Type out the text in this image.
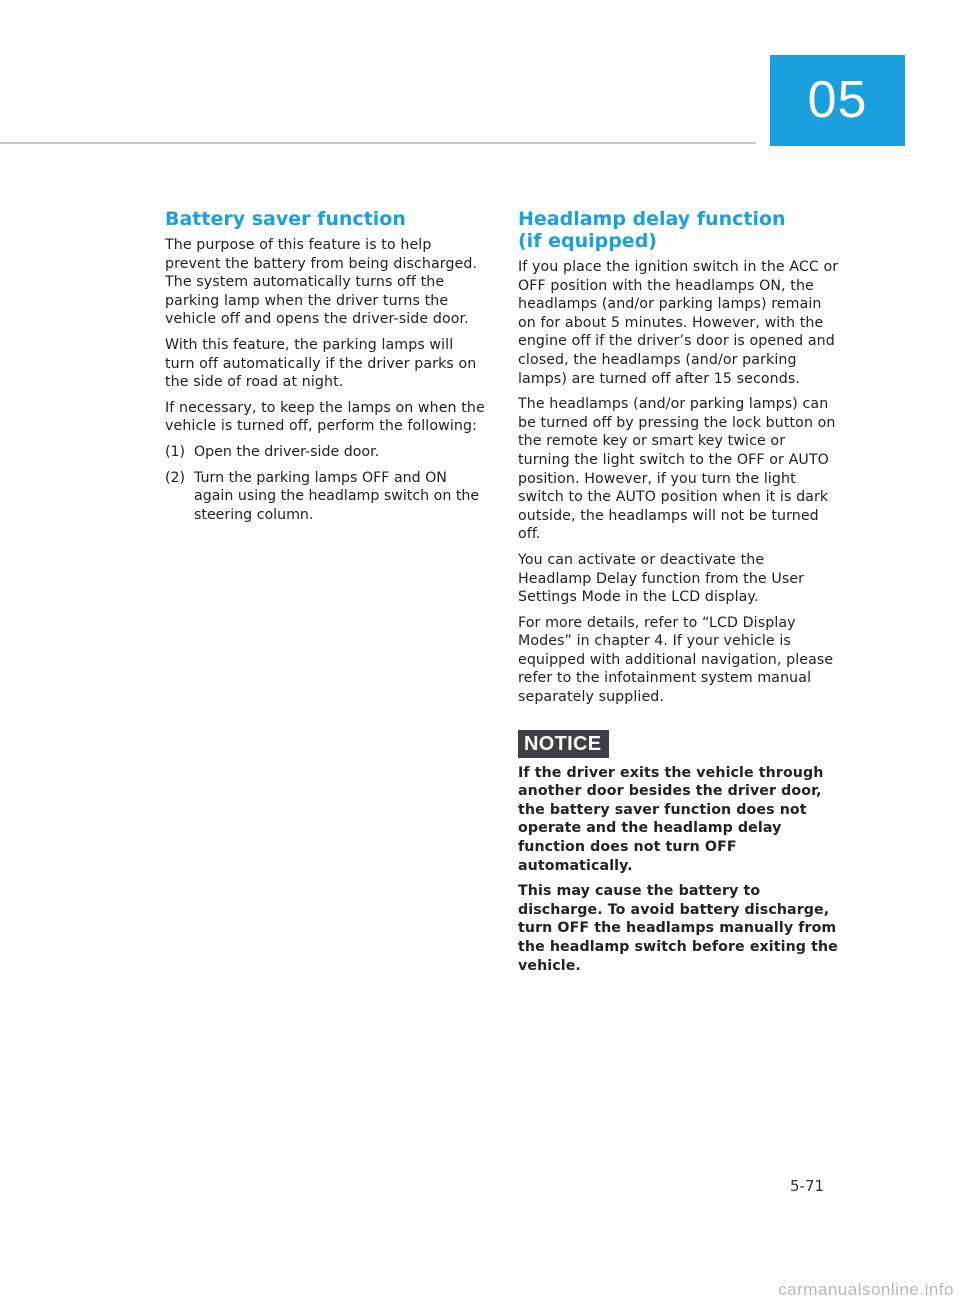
05
Battery saver function

The purpose of this feature is to help prevent the battery from being discharged. The system automatically turns off the parking lamp when the driver turns the vehicle off and opens the driver-side door.

With this feature, the parking lamps will turn off automatically if the driver parks on the side of road at night.

If necessary, to keep the lamps on when the vehicle is turned off, perform the following:

(1) Open the driver-side door.
(2) Turn the parking lamps OFF and ON again using the headlamp switch on the steering column.
Headlamp delay function
(if equipped)

If you place the ignition switch in the ACC or OFF position with the headlamps ON, the headlamps (and/or parking lamps) remain on for about 5 minutes. However, with the engine off if the driver’s door is opened and closed, the headlamps (and/or parking lamps) are turned off after 15 seconds.

The headlamps (and/or parking lamps) can be turned off by pressing the lock button on the remote key or smart key twice or turning the light switch to the OFF or AUTO position. However, if you turn the light switch to the AUTO position when it is dark outside, the headlamps will not be turned off.

You can activate or deactivate the Headlamp Delay function from the User Settings Mode in the LCD display.

For more details, refer to “LCD Display Modes” in chapter 4. If your vehicle is equipped with additional navigation, please refer to the infotainment system manual separately supplied.

NOTICE

If the driver exits the vehicle through another door besides the driver door, the battery saver function does not operate and the headlamp delay function does not turn OFF automatically.

This may cause the battery to discharge. To avoid battery discharge, turn OFF the headlamps manually from the headlamp switch before exiting the vehicle.

5-71
carmanualsonline.info
